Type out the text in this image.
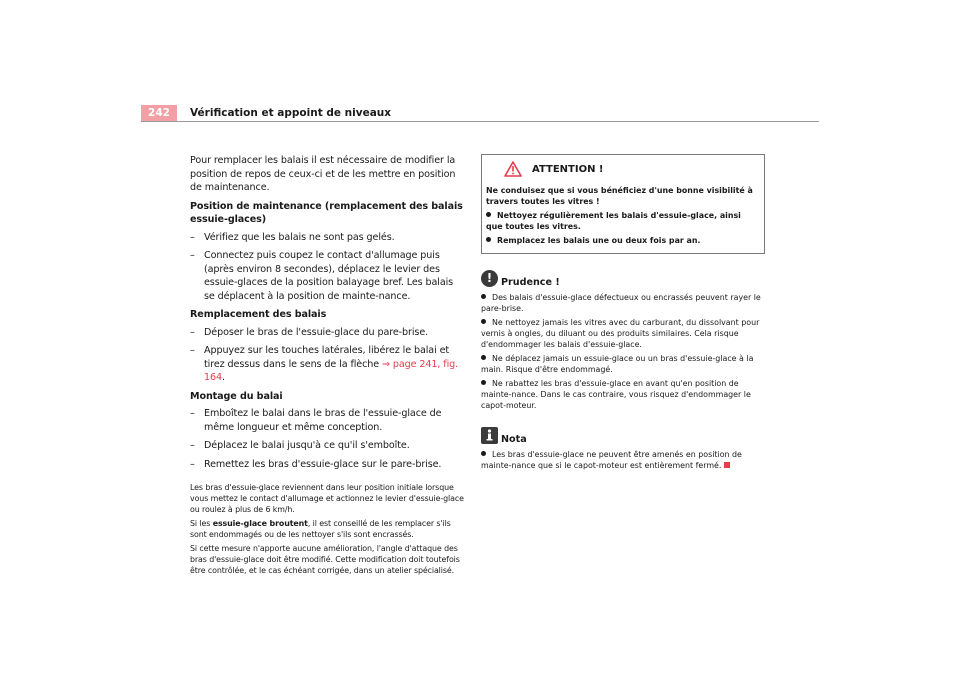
242	Vérification et appoint de niveaux

Pour remplacer les balais il est nécessaire de modifier la position de repos de ceux-ci et de les mettre en position de maintenance.

Position de maintenance (remplacement des balais essuie-glaces)

– Vérifiez que les balais ne sont pas gelés.
– Connectez puis coupez le contact d'allumage puis (après environ 8 secondes), déplacez le levier des essuie-glaces de la position balayage bref. Les balais se déplacent à la position de mainte-nance.

Remplacement des balais

– Déposer le bras de l'essuie-glace du pare-brise.
– Appuyez sur les touches latérales, libérez le balai et tirez dessus dans le sens de la flèche ⇒ page 241, fig. 164.

Montage du balai

– Emboîtez le balai dans le bras de l'essuie-glace de même longueur et même conception.
– Déplacez le balai jusqu'à ce qu'il s'emboîte.
– Remettez les bras d'essuie-glace sur le pare-brise.

Les bras d'essuie-glace reviennent dans leur position initiale lorsque vous mettez le contact d'allumage et actionnez le levier d'essuie-glace ou roulez à plus de 6 km/h.

Si les essuie-glace broutent, il est conseillé de les remplacer s'ils sont endommagés ou de les nettoyer s'ils sont encrassés.

Si cette mesure n'apporte aucune amélioration, l'angle d'attaque des bras d'essuie-glace doit être modifié. Cette modification doit toutefois être contrôlée, et le cas échéant corrigée, dans un atelier spécialisé.

ATTENTION !

Ne conduisez que si vous bénéficiez d'une bonne visibilité à travers toutes les vitres !

Nettoyez régulièrement les balais d'essuie-glace, ainsi que toutes les vitres.

Remplacez les balais une ou deux fois par an.

! Prudence !

Des balais d'essuie-glace défectueux ou encrassés peuvent rayer le pare-brise.

Ne nettoyez jamais les vitres avec du carburant, du dissolvant pour vernis à ongles, du diluant ou des produits similaires. Cela risque d'endommager les balais d'essuie-glace.

Ne déplacez jamais un essuie-glace ou un bras d'essuie-glace à la main. Risque d'être endommagé.

Ne rabattez les bras d'essuie-glace en avant qu'en position de mainte-nance. Dans le cas contraire, vous risquez d'endommager le capot-moteur.

Nota

Les bras d'essuie-glace ne peuvent être amenés en position de mainte-nance que si le capot-moteur est entièrement fermé.
